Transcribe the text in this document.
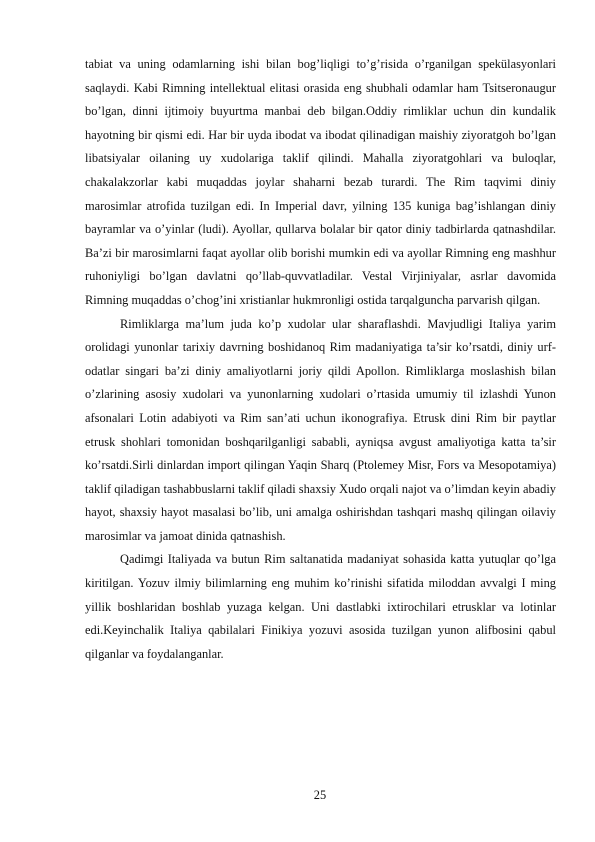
tabiat va uning odamlarning ishi bilan bog’liqligi to’g’risida o’rganilgan spekülasyonlari saqlaydi. Kabi Rimning intellektual elitasi orasida eng shubhali odamlar ham Tsitseronaugur bo’lgan, dinni ijtimoiy buyurtma manbai deb bilgan.Oddiy rimliklar uchun din kundalik hayotning bir qismi edi. Har bir uyda ibodat va ibodat qilinadigan maishiy ziyoratgoh bo’lgan libatsiyalar oilaning uy xudolariga taklif qilindi. Mahalla ziyoratgohlari va buloqlar, chakalakzorlar kabi muqaddas joylar shaharni bezab turardi. The Rim taqvimi diniy marosimlar atrofida tuzilgan edi. In Imperial davr, yilning 135 kuniga bag’ishlangan diniy bayramlar va o’yinlar (ludi). Ayollar, qullarva bolalar bir qator diniy tadbirlarda qatnashdilar. Ba’zi bir marosimlarni faqat ayollar olib borishi mumkin edi va ayollar Rimning eng mashhur ruhoniyligi bo’lgan davlatni qo’llab-quvvatladilar. Vestal Virjiniyalar, asrlar davomida Rimning muqaddas o’chog’ini xristianlar hukmronligi ostida tarqalguncha parvarish qilgan.

Rimliklarga ma’lum juda ko’p xudolar ular sharaflashdi. Mavjudligi Italiya yarim orolidagi yunonlar tarixiy davrning boshidanoq Rim madaniyatiga ta’sir ko’rsatdi, diniy urf-odatlar singari ba’zi diniy amaliyotlarni joriy qildi Apollon. Rimliklarga moslashish bilan o’zlarining asosiy xudolari va yunonlarning xudolari o’rtasida umumiy til izlashdi Yunon afsonalari Lotin adabiyoti va Rim san’ati uchun ikonografiya. Etrusk dini Rim bir paytlar etrusk shohlari tomonidan boshqarilganligi sababli, ayniqsa avgust amaliyotiga katta ta’sir ko’rsatdi.Sirli dinlardan import qilingan Yaqin Sharq (Ptolemey Misr, Fors va Mesopotamiya) taklif qiladigan tashabbuslarni taklif qiladi shaxsiy Xudo orqali najot va o’limdan keyin abadiy hayot, shaxsiy hayot masalasi bo’lib, uni amalga oshirishdan tashqari mashq qilingan oilaviy marosimlar va jamoat dinida qatnashish.

Qadimgi Italiyada va butun Rim saltanatida madaniyat sohasida katta yutuqlar qo’lga kiritilgan. Yozuv ilmiy bilimlarning eng muhim ko’rinishi sifatida miloddan avvalgi I ming yillik boshlaridan boshlab yuzaga kelgan. Uni dastlabki ixtirochilari etrusklar va lotinlar edi.Keyinchalik Italiya qabilalari Finikiya yozuvi asosida tuzilgan yunon alifbosini qabul qilganlar va foydalanganlar.

25
